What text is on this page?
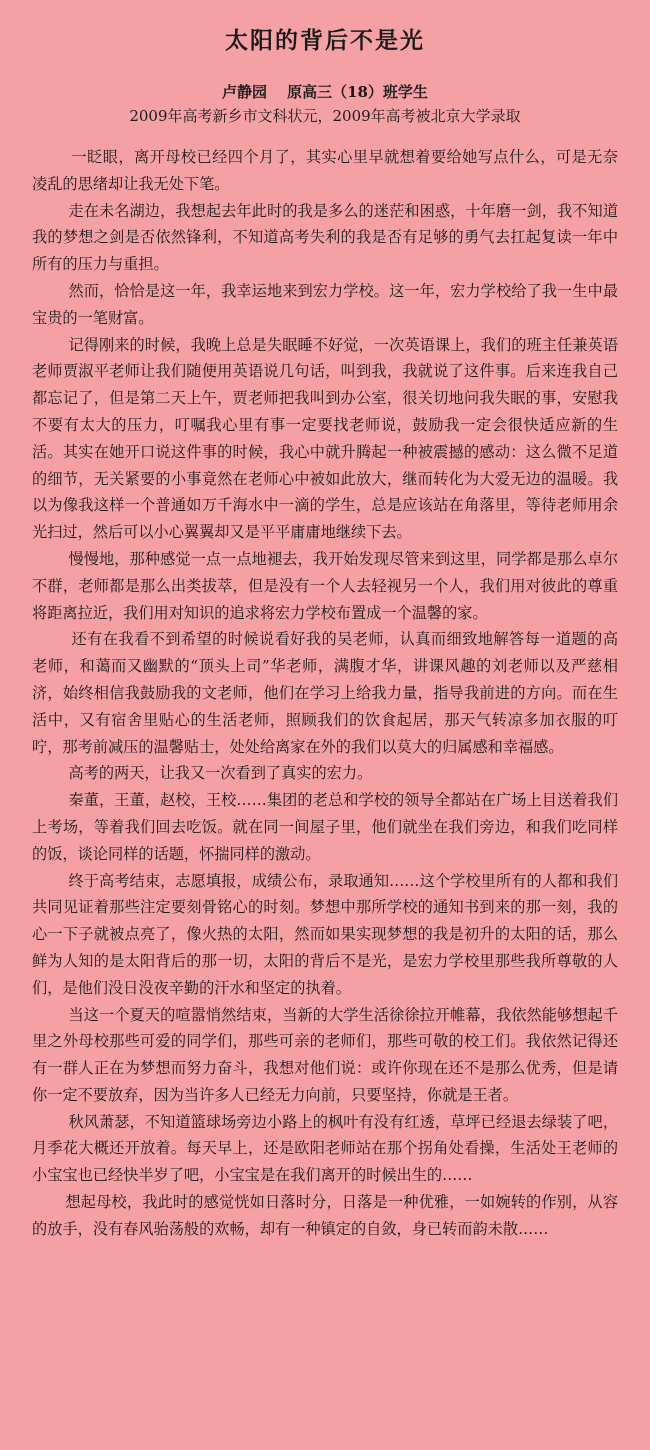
太阳的背后不是光
卢静园 原高三（18）班学生
2009年高考新乡市文科状元，2009年高考被北京大学录取

一眨眼，离开母校已经四个月了，其实心里早就想着要给她写点什么，可是无奈凌乱的思绪却让我无处下笔。

走在未名湖边，我想起去年此时的我是多么的迷茫和困惑，十年磨一剑，我不知道我的梦想之剑是否依然锋利，不知道高考失利的我是否有足够的勇气去扛起复读一年中所有的压力与重担。

然而，恰恰是这一年，我幸运地来到宏力学校。这一年，宏力学校给了我一生中最宝贵的一笔财富。

记得刚来的时候，我晚上总是失眠睡不好觉，一次英语课上，我们的班主任兼英语老师贾淑平老师让我们随便用英语说几句话，叫到我，我就说了这件事。后来连我自己都忘记了，但是第二天上午，贾老师把我叫到办公室，很关切地问我失眠的事，安慰我不要有太大的压力，叮嘱我心里有事一定要找老师说，鼓励我一定会很快适应新的生活。其实在她开口说这件事的时候，我心中就升腾起一种被震撼的感动：这么微不足道的细节，无关紧要的小事竟然在老师心中被如此放大，继而转化为大爱无边的温暖。我以为像我这样一个普通如万千海水中一滴的学生，总是应该站在角落里，等待老师用余光扫过，然后可以小心翼翼却又是平平庸庸地继续下去。

慢慢地，那种感觉一点一点地褪去，我开始发现尽管来到这里，同学都是那么卓尔不群，老师都是那么出类拔萃，但是没有一个人去轻视另一个人，我们用对彼此的尊重将距离拉近，我们用对知识的追求将宏力学校布置成一个温馨的家。

还有在我看不到希望的时候说看好我的吴老师，认真而细致地解答每一道题的高老师，和蔼而又幽默的“顶头上司”华老师，满腹才华，讲课风趣的刘老师以及严慈相济，始终相信我鼓励我的文老师，他们在学习上给我力量，指导我前进的方向。而在生活中，又有宿舍里贴心的生活老师，照顾我们的饮食起居，那天气转凉多加衣服的叮咛，那考前减压的温馨贴士，处处给离家在外的我们以莫大的归属感和幸福感。

高考的两天，让我又一次看到了真实的宏力。

秦董，王董，赵校，王校……集团的老总和学校的领导全都站在广场上目送着我们上考场，等着我们回去吃饭。就在同一间屋子里，他们就坐在我们旁边，和我们吃同样的饭，谈论同样的话题，怀揣同样的激动。

终于高考结束，志愿填报，成绩公布，录取通知……这个学校里所有的人都和我们共同见证着那些注定要刻骨铭心的时刻。梦想中那所学校的通知书到来的那一刻，我的心一下子就被点亮了，像火热的太阳，然而如果实现梦想的我是初升的太阳的话，那么鲜为人知的是太阳背后的那一切，太阳的背后不是光，是宏力学校里那些我所尊敬的人们，是他们没日没夜辛勤的汗水和坚定的执着。

当这一个夏天的喧嚣悄然结束，当新的大学生活徐徐拉开帷幕，我依然能够想起千里之外母校那些可爱的同学们，那些可亲的老师们，那些可敬的校工们。我依然记得还有一群人正在为梦想而努力奋斗，我想对他们说：或许你现在还不是那么优秀，但是请你一定不要放弃，因为当许多人已经无力向前，只要坚持，你就是王者。

秋风萧瑟，不知道篮球场旁边小路上的枫叶有没有红透，草坪已经退去绿装了吧，月季花大概还开放着。每天早上，还是欧阳老师站在那个拐角处看操，生活处王老师的小宝宝也已经快半岁了吧，小宝宝是在我们离开的时候出生的……

想起母校，我此时的感觉恍如日落时分，日落是一种优雅，一如婉转的作别，从容的放手，没有春风骀荡般的欢畅，却有一种镇定的自敛，身已转而韵未散……
